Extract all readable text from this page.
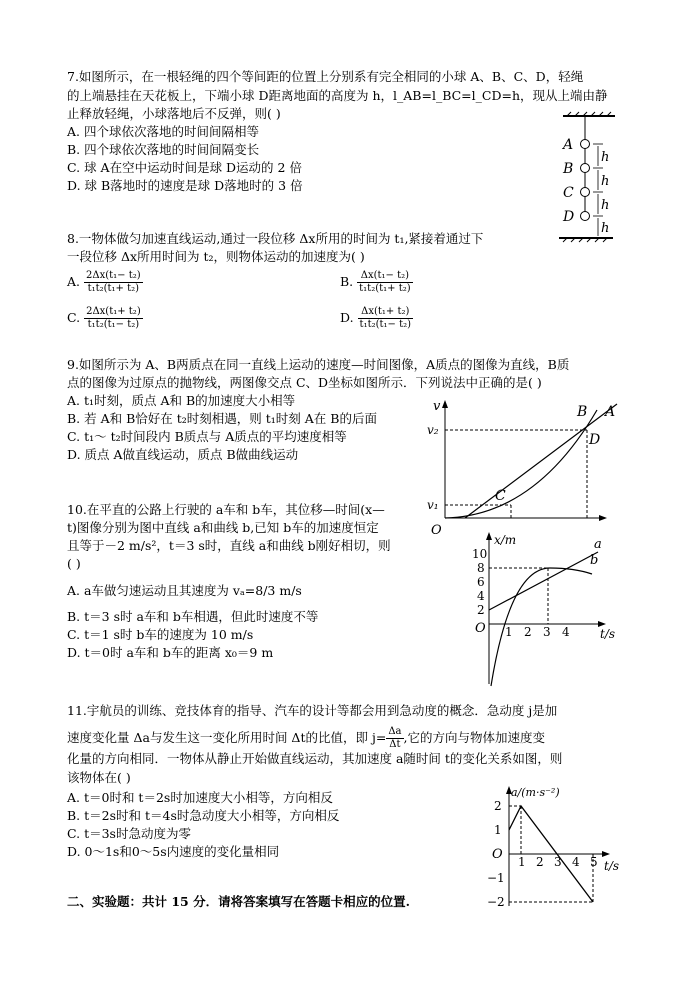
7.如图所示，在一根轻绳的四个等间距的位置上分别系有完全相同的小球 A、B、C、D，轻绳
的上端悬挂在天花板上，下端小球 D距离地面的高度为 h，l_AB=l_BC=l_CD=h，现从上端由静
止释放轻绳，小球落地后不反弹，则( )
A. 四个球依次落地的时间间隔相等
B. 四个球依次落地的时间间隔变长
C. 球 A在空中运动时间是球 D运动的 2 倍
D. 球 B落地时的速度是球 D落地时的 3 倍
A
B
C
D
h
h
h
h
8.一物体做匀加速直线运动,通过一段位移 Δx所用的时间为 t₁,紧接着通过下
一段位移 Δx所用时间为 t₂，则物体运动的加速度为( )
A. $\frac{\text{2Δx(t₁− t₂)}}{\text{t₁t₂(t₁+ t₂)}}$	B. $\frac{\text{Δx(t₁− t₂)}}{\text{t₁t₂(t₁+ t₂)}}$
C. $\frac{\text{2Δx(t₁+ t₂)}}{\text{t₁t₂(t₁− t₂)}}$	D. $\frac{\text{Δx(t₁+ t₂)}}{\text{t₁t₂(t₁− t₂)}}$
9.如图所示为 A、B两质点在同一直线上运动的速度—时间图像，A质点的图像为直线，B质
点的图像为过原点的抛物线，两图像交点 C、D坐标如图所示．下列说法中正确的是( )
A. t₁时刻，质点 A和 B的加速度大小相等
B. 若 A和 B恰好在 t₂时刻相遇，则 t₁时刻 A在 B的后面
C. t₁～ t₂时间段内 B质点与 A质点的平均速度相等
D. 质点 A做直线运动，质点 B做曲线运动
v
v₂
v₁
O
A
B
C
D
10.在平直的公路上行驶的 a车和 b车，其位移—时间(x—
t)图像分别为图中直线 a和曲线 b,已知 b车的加速度恒定
且等于－2 m/s²，t＝3 s时，直线 a和曲线 b刚好相切，则
( )
A. a车做匀速运动且其速度为 vₐ=8/3 m/s
B. t＝3 s时 a车和 b车相遇，但此时速度不等
C. t＝1 s时 b车的速度为 10 m/s
D. t＝0时 a车和 b车的距离 x₀＝9 m
x/m
10
8
6
4
2
O 1 2 3 4	t/s
a
b
11.宇航员的训练、竞技体育的指导、汽车的设计等都会用到急动度的概念．急动度 j是加
速度变化量 Δa与发生这一变化所用时间 Δt的比值，即 $j= \frac{\Delta a}{\Delta t}$ ,它的方向与物体加速度变
化量的方向相同．一物体从静止开始做直线运动，其加速度 a随时间 t的变化关系如图，则
该物体在( )
A. t＝0时和 t＝2s时加速度大小相等，方向相反
B. t＝2s时和 t＝4s时急动度大小相等，方向相反
C. t＝3s时急动度为零
D. 0～1s和0～5s内速度的变化量相同
a/(m·s⁻²)
2
1
O
−1
−2
1 2 3 4 5 t/s
二、实验题：共计 15 分．请将答案填写在答题卡相应的位置.
